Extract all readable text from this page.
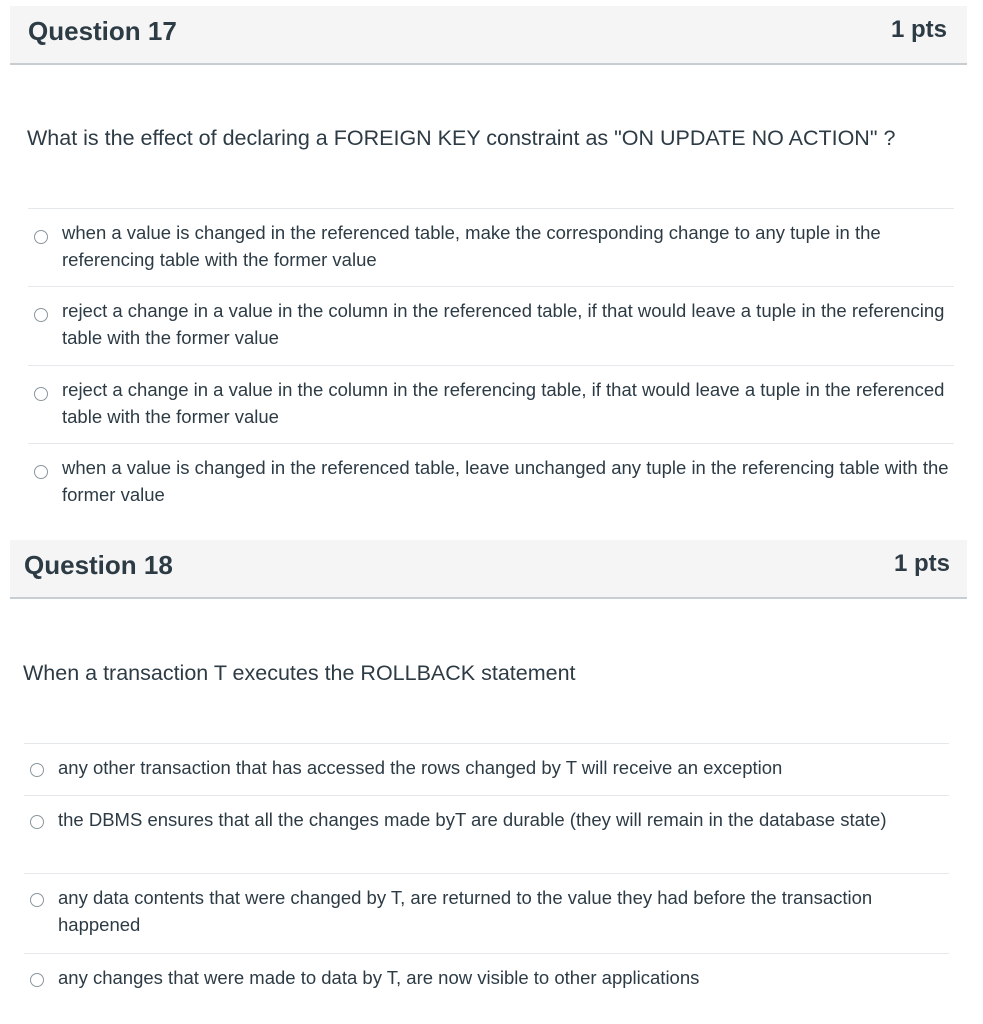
Question 17	1 pts
What is the effect of declaring a FOREIGN KEY constraint as "ON UPDATE NO ACTION" ?
when a value is changed in the referenced table, make the corresponding change to any tuple in the referencing table with the former value
reject a change in a value in the column in the referenced table, if that would leave a tuple in the referencing table with the former value
reject a change in a value in the column in the referencing table, if that would leave a tuple in the referenced table with the former value
when a value is changed in the referenced table, leave unchanged any tuple in the referencing table with the former value
Question 18	1 pts
When a transaction T executes the ROLLBACK statement
any other transaction that has accessed the rows changed by T will receive an exception
the DBMS ensures that all the changes made byT are durable (they will remain in the database state)
any data contents that were changed by T, are returned to the value they had before the transaction happened
any changes that were made to data by T, are now visible to other applications
